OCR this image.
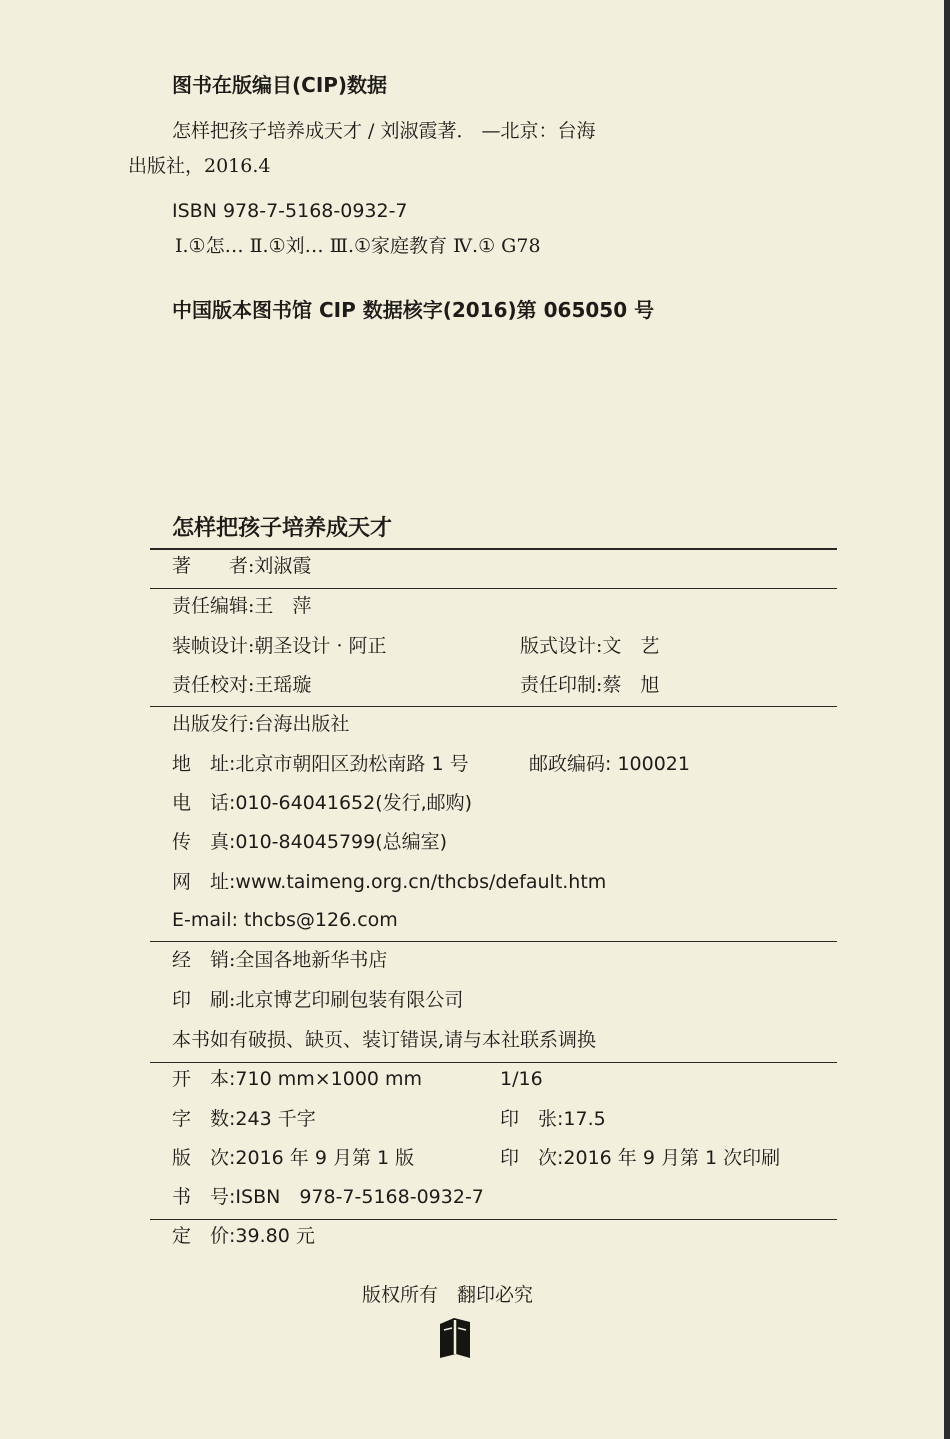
图书在版编目(CIP)数据
怎样把孩子培养成天才 / 刘淑霞著． —北京：台海
出版社，2016.4
ISBN 978-7-5168-0932-7
Ⅰ.①怎… Ⅱ.①刘… Ⅲ.①家庭教育 Ⅳ.① G78
中国版本图书馆 CIP 数据核字(2016)第 065050 号
怎样把孩子培养成天才
著　　者:刘淑霞
责任编辑:王　萍
装帧设计:朝圣设计 · 阿正	版式设计:文　艺
责任校对:王瑶璇	责任印制:蔡　旭
出版发行:台海出版社
地　址:北京市朝阳区劲松南路 1 号	邮政编码: 100021
电　话:010-64041652(发行,邮购)
传　真:010-84045799(总编室)
网　址:www.taimeng.org.cn/thcbs/default.htm
E-mail: thcbs@126.com
经　销:全国各地新华书店
印　刷:北京博艺印刷包装有限公司
本书如有破损、缺页、装订错误,请与本社联系调换
开　本:710 mm×1000 mm	1/16
字　数:243 千字	印　张:17.5
版　次:2016 年 9 月第 1 版	印　次:2016 年 9 月第 1 次印刷
书　号:ISBN　978-7-5168-0932-7
定　价:39.80 元
版权所有　翻印必究
